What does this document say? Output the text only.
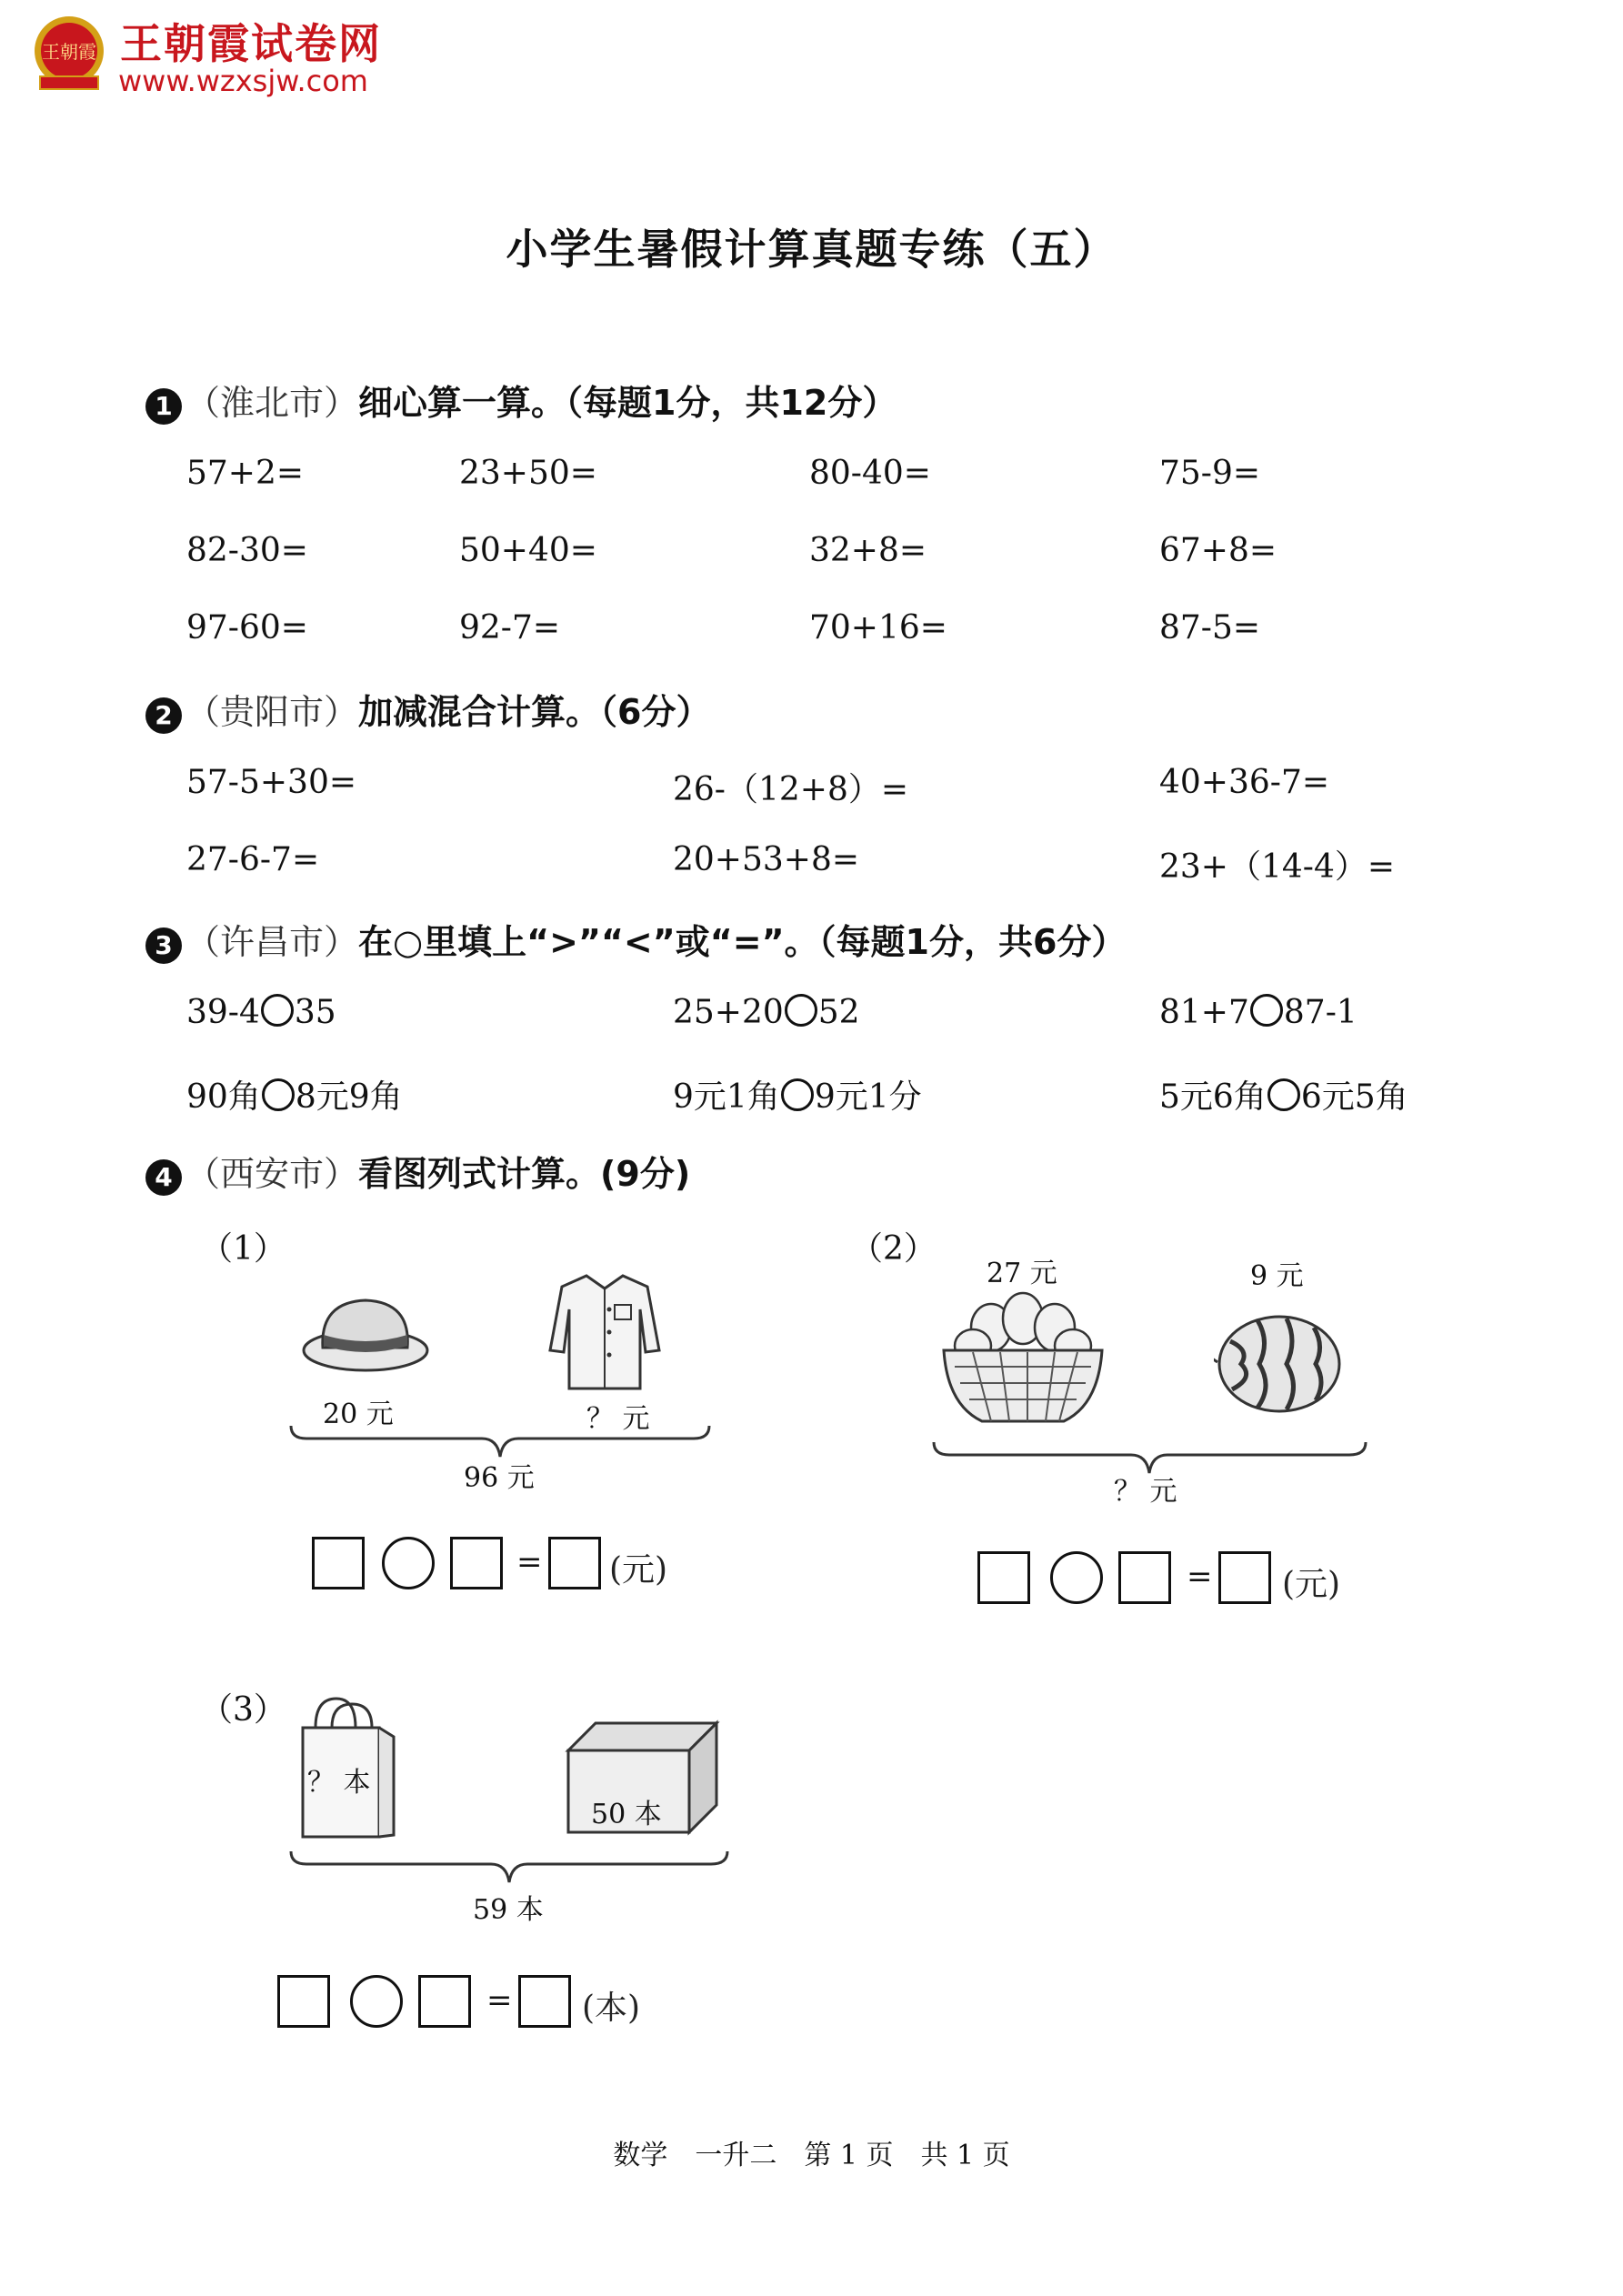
王朝霞 王朝霞试卷网
www.wzxsjw.com
小学生暑假计算真题专练（五）
1 （淮北市）细心算一算。（每题1分，共12分）
57+2=	23+50=	80-40=	75-9=
82-30=	50+40=	32+8=	67+8=
97-60=	92-7=	70+16=	87-5=
2 （贵阳市）加减混合计算。（6分）
57-5+30=	26-（12+8）=	40+36-7=
27-6-7=	20+53+8=	23+（14-4）=
3 （许昌市）在○里填上“>”“<”或“=”。（每题1分，共6分）
39-4 35	25+20 52	81+7 87-1
90角 8元9角	9元1角 9元1分	5元6角 6元5角
4 （西安市）看图列式计算。(9分)
（1）
20 元	？ 元
96 元
= (元)
（2）
27 元	9 元
？ 元
= (元)
（3）
？ 本
50 本
59 本
= (本)
数学　一升二　第 1 页　共 1 页
